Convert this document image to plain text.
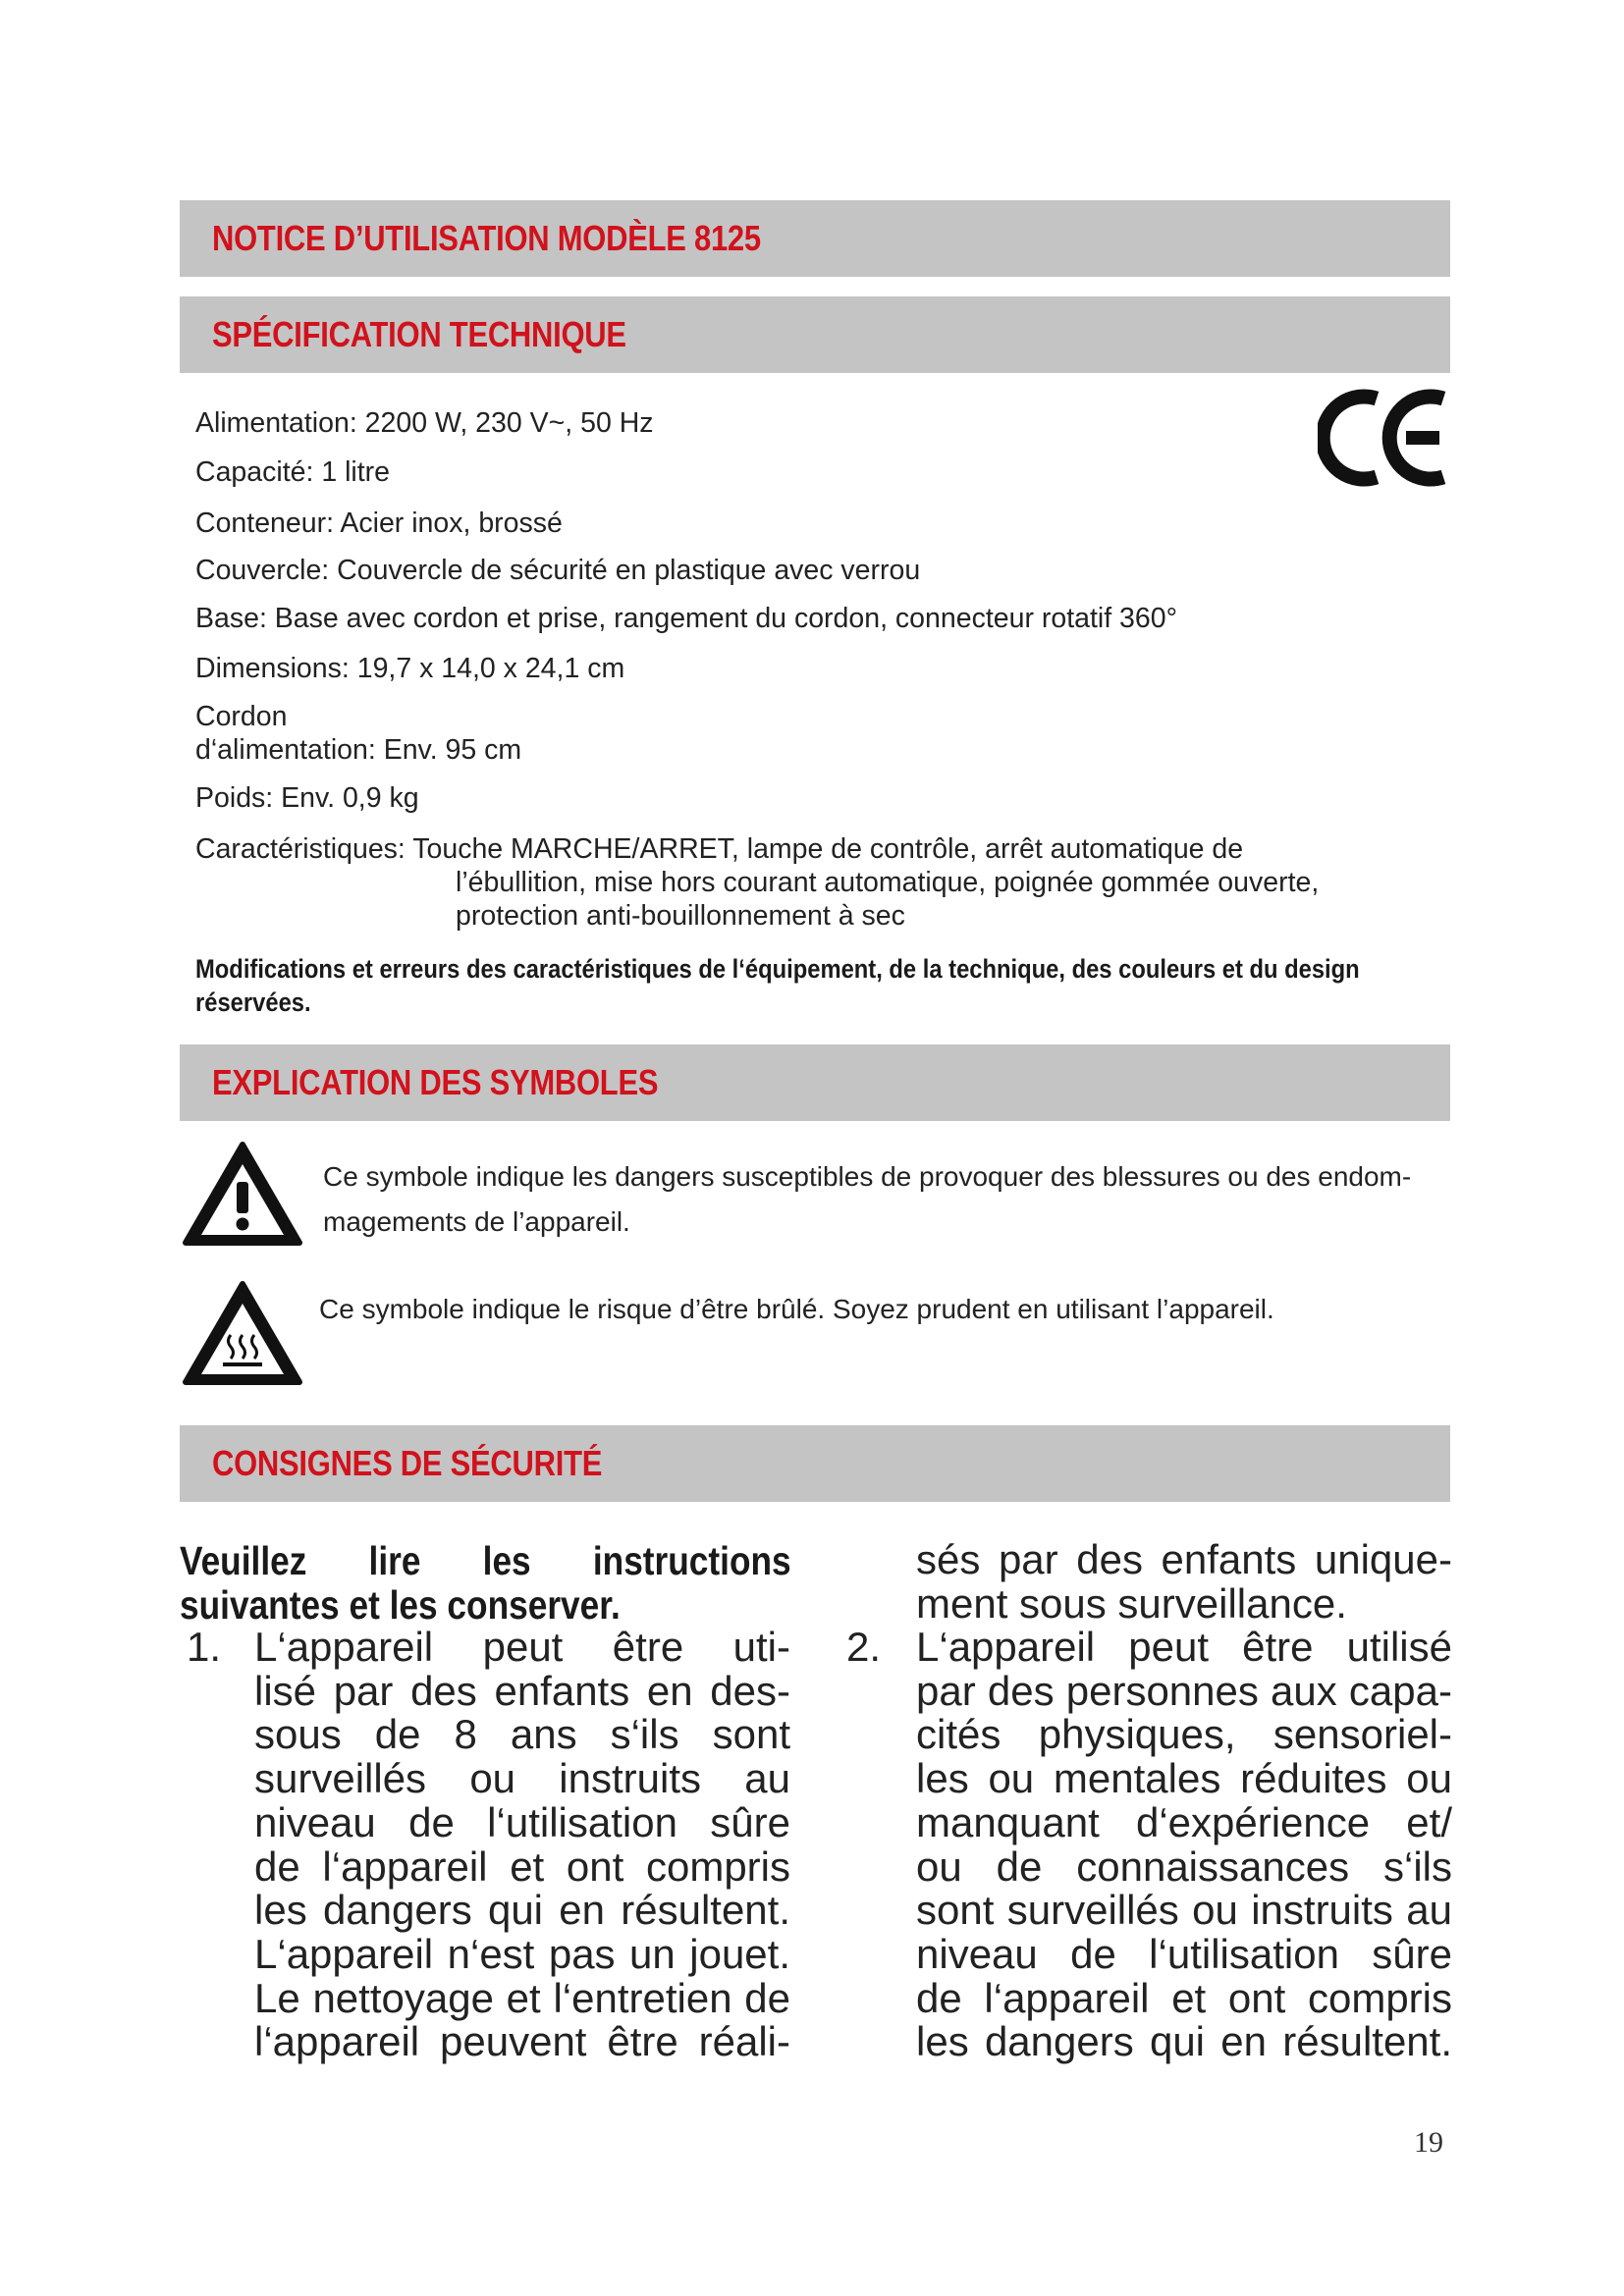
NOTICE D’UTILISATION MODÈLE 8125
SPÉCIFICATION TECHNIQUE
Alimentation: 2200 W, 230 V~, 50 Hz
Capacité: 1 litre
Conteneur: Acier inox, brossé
Couvercle: Couvercle de sécurité en plastique avec verrou
Base: Base avec cordon et prise, rangement du cordon, connecteur rotatif 360°
Dimensions: 19,7 x 14,0 x 24,1 cm
Cordon
d‘alimentation: Env. 95 cm
Poids: Env. 0,9 kg
Caractéristiques: Touche MARCHE/ARRET, lampe de contrôle, arrêt automatique de
l’ébullition, mise hors courant automatique, poignée gommée ouverte,
protection anti-bouillonnement à sec
Modifications et erreurs des caractéristiques de l‘équipement, de la technique, des couleurs et du design réservées.
EXPLICATION DES SYMBOLES
Ce symbole indique les dangers susceptibles de provoquer des blessures ou des endom-
magements de l’appareil.
Ce symbole indique le risque d’être brûlé. Soyez prudent en utilisant l’appareil.
CONSIGNES DE SÉCURITÉ
Veuillez lire les instructions
suivantes et les conserver.
1. L‘appareil peut être uti-
lisé par des enfants en des-
sous de 8 ans s‘ils sont
surveillés ou instruits au
niveau de l‘utilisation sûre
de l‘appareil et ont compris
les dangers qui en résultent.
L‘appareil n‘est pas un jouet.
Le nettoyage et l‘entretien de
l‘appareil peuvent être réali-
sés par des enfants unique-
ment sous surveillance.
2. L‘appareil peut être utilisé
par des personnes aux capa-
cités physiques, sensoriel-
les ou mentales réduites ou
manquant d‘expérience et/
ou de connaissances s‘ils
sont surveillés ou instruits au
niveau de l‘utilisation sûre
de l‘appareil et ont compris
les dangers qui en résultent.
19
